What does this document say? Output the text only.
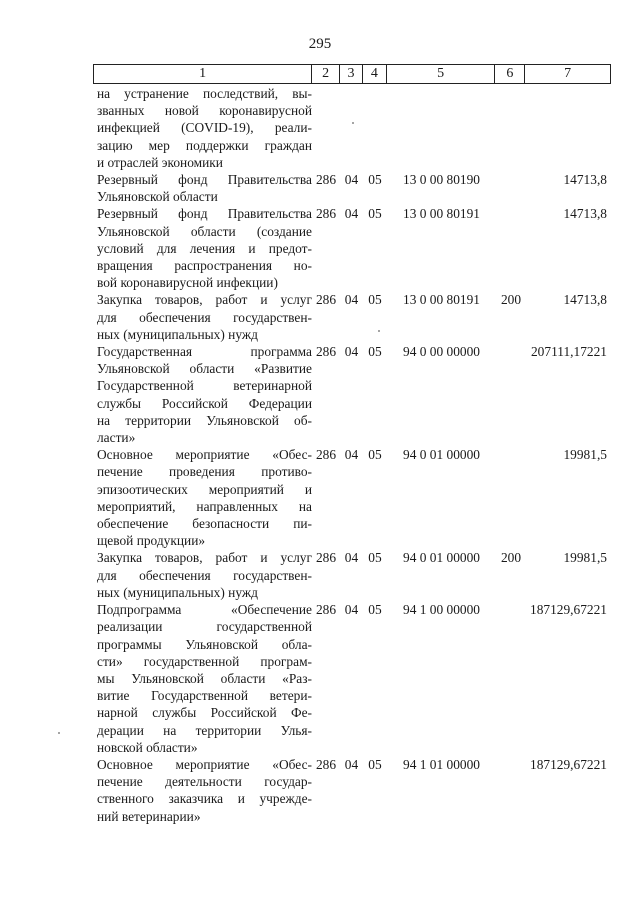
295
1	2	3	4	5	6	7
на устранение последствий, вы-
званных новой коронавирусной
инфекцией (COVID-19), реали-
зацию мер поддержки граждан
и отраслей экономики
Резервный фонд Правительства
Ульяновской области
286 04 05	13 0 00 80190	14713,8
Резервный фонд Правительства
Ульяновской области (создание
условий для лечения и предот-
вращения распространения но-
вой коронавирусной инфекции)
286 04 05	13 0 00 80191	14713,8
Закупка товаров, работ и услуг
для обеспечения государствен-
ных (муниципальных) нужд
286 04 05	13 0 00 80191	200	14713,8
Государственная программа
Ульяновской области «Развитие
Государственной ветеринарной
службы Российской Федерации
на территории Ульяновской об-
ласти»
286 04 05	94 0 00 00000	207111,17221
Основное мероприятие «Обес-
печение проведения противо-
эпизоотических мероприятий и
мероприятий, направленных на
обеспечение безопасности пи-
щевой продукции»
286 04 05	94 0 01 00000	19981,5
Закупка товаров, работ и услуг
для обеспечения государствен-
ных (муниципальных) нужд
286 04 05	94 0 01 00000	200	19981,5
Подпрограмма «Обеспечение
реализации государственной
программы Ульяновской обла-
сти» государственной програм-
мы Ульяновской области «Раз-
витие Государственной ветери-
нарной службы Российской Фе-
дерации на территории Улья-
новской области»
286 04 05	94 1 00 00000	187129,67221
Основное мероприятие «Обес-
печение деятельности государ-
ственного заказчика и учрежде-
ний ветеринарии»
286 04 05	94 1 01 00000	187129,67221
